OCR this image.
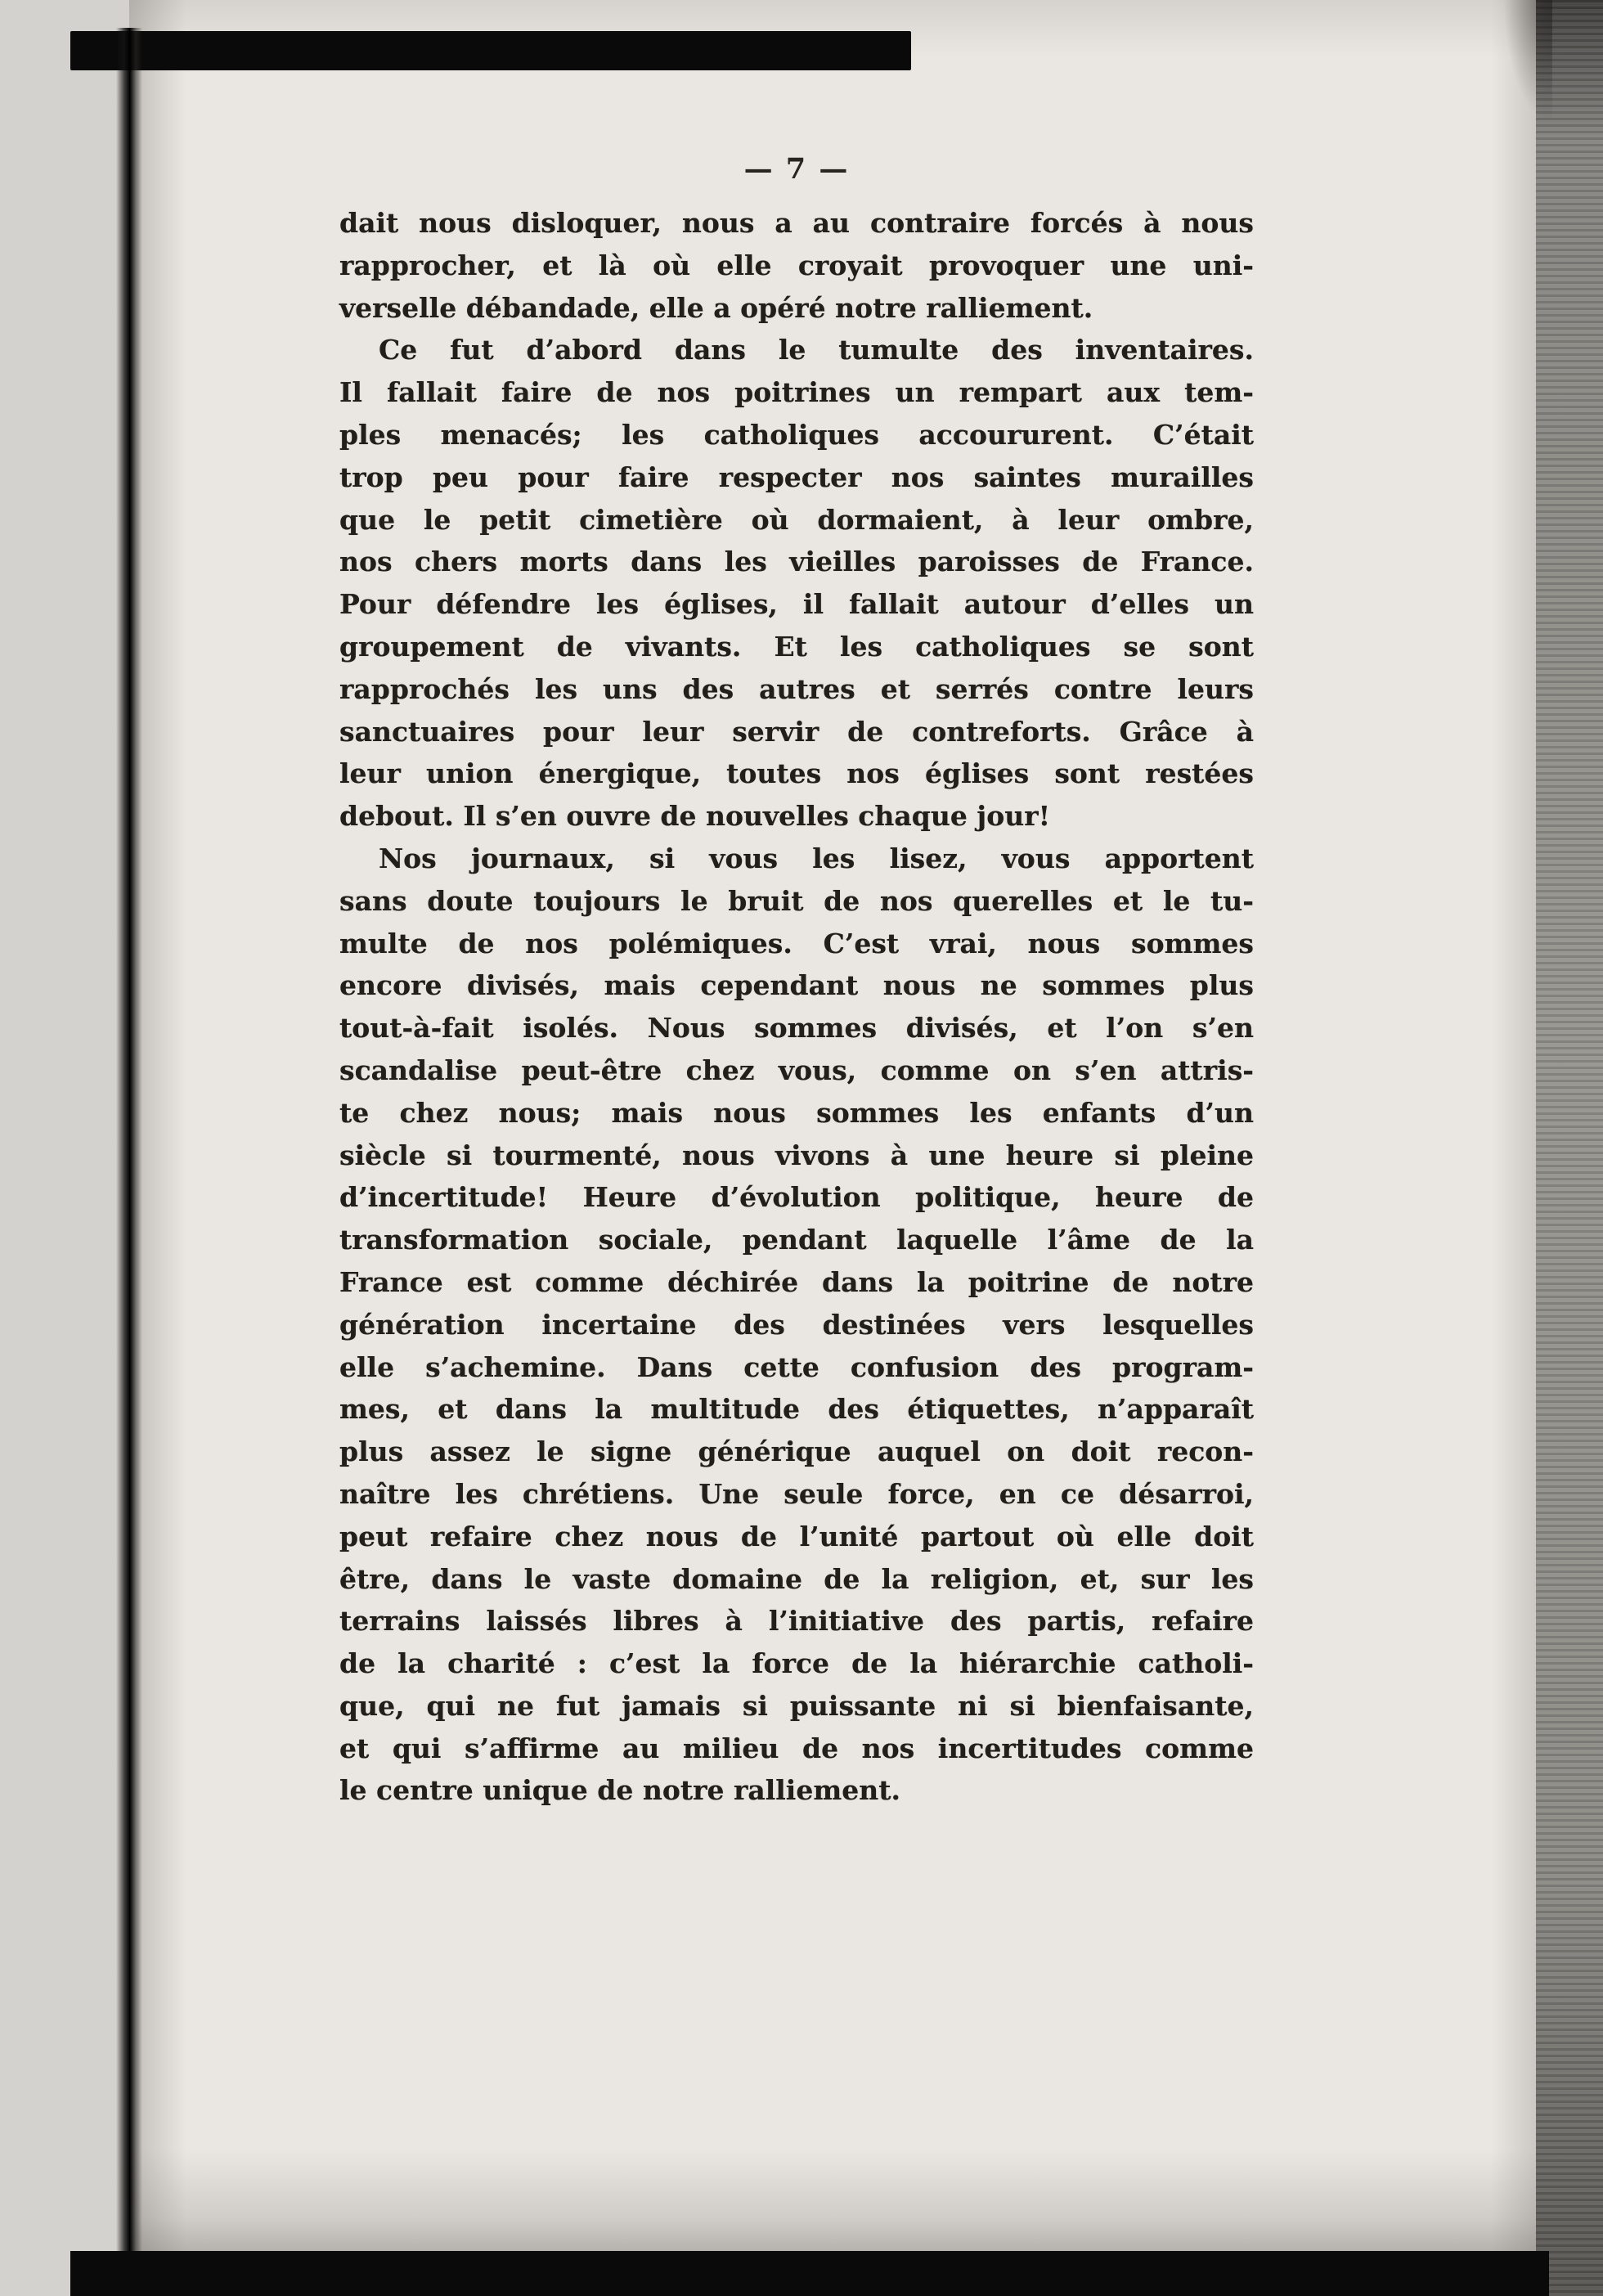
— 7 —
dait nous disloquer, nous a au contraire forcés à nous
rapprocher, et là où elle croyait provoquer une uni-
verselle débandade, elle a opéré notre ralliement.
Ce fut d’abord dans le tumulte des inventaires.
Il fallait faire de nos poitrines un rempart aux tem-
ples menacés; les catholiques accoururent. C’était
trop peu pour faire respecter nos saintes murailles
que le petit cimetière où dormaient, à leur ombre,
nos chers morts dans les vieilles paroisses de France.
Pour défendre les églises, il fallait autour d’elles un
groupement de vivants. Et les catholiques se sont
rapprochés les uns des autres et serrés contre leurs
sanctuaires pour leur servir de contreforts. Grâce à
leur union énergique, toutes nos églises sont restées
debout. Il s’en ouvre de nouvelles chaque jour!
Nos journaux, si vous les lisez, vous apportent
sans doute toujours le bruit de nos querelles et le tu-
multe de nos polémiques. C’est vrai, nous sommes
encore divisés, mais cependant nous ne sommes plus
tout-à-fait isolés. Nous sommes divisés, et l’on s’en
scandalise peut-être chez vous, comme on s’en attris-
te chez nous; mais nous sommes les enfants d’un
siècle si tourmenté, nous vivons à une heure si pleine
d’incertitude! Heure d’évolution politique, heure de
transformation sociale, pendant laquelle l’âme de la
France est comme déchirée dans la poitrine de notre
génération incertaine des destinées vers lesquelles
elle s’achemine. Dans cette confusion des program-
mes, et dans la multitude des étiquettes, n’apparaît
plus assez le signe générique auquel on doit recon-
naître les chrétiens. Une seule force, en ce désarroi,
peut refaire chez nous de l’unité partout où elle doit
être, dans le vaste domaine de la religion, et, sur les
terrains laissés libres à l’initiative des partis, refaire
de la charité : c’est la force de la hiérarchie catholi-
que, qui ne fut jamais si puissante ni si bienfaisante,
et qui s’affirme au milieu de nos incertitudes comme
le centre unique de notre ralliement.
